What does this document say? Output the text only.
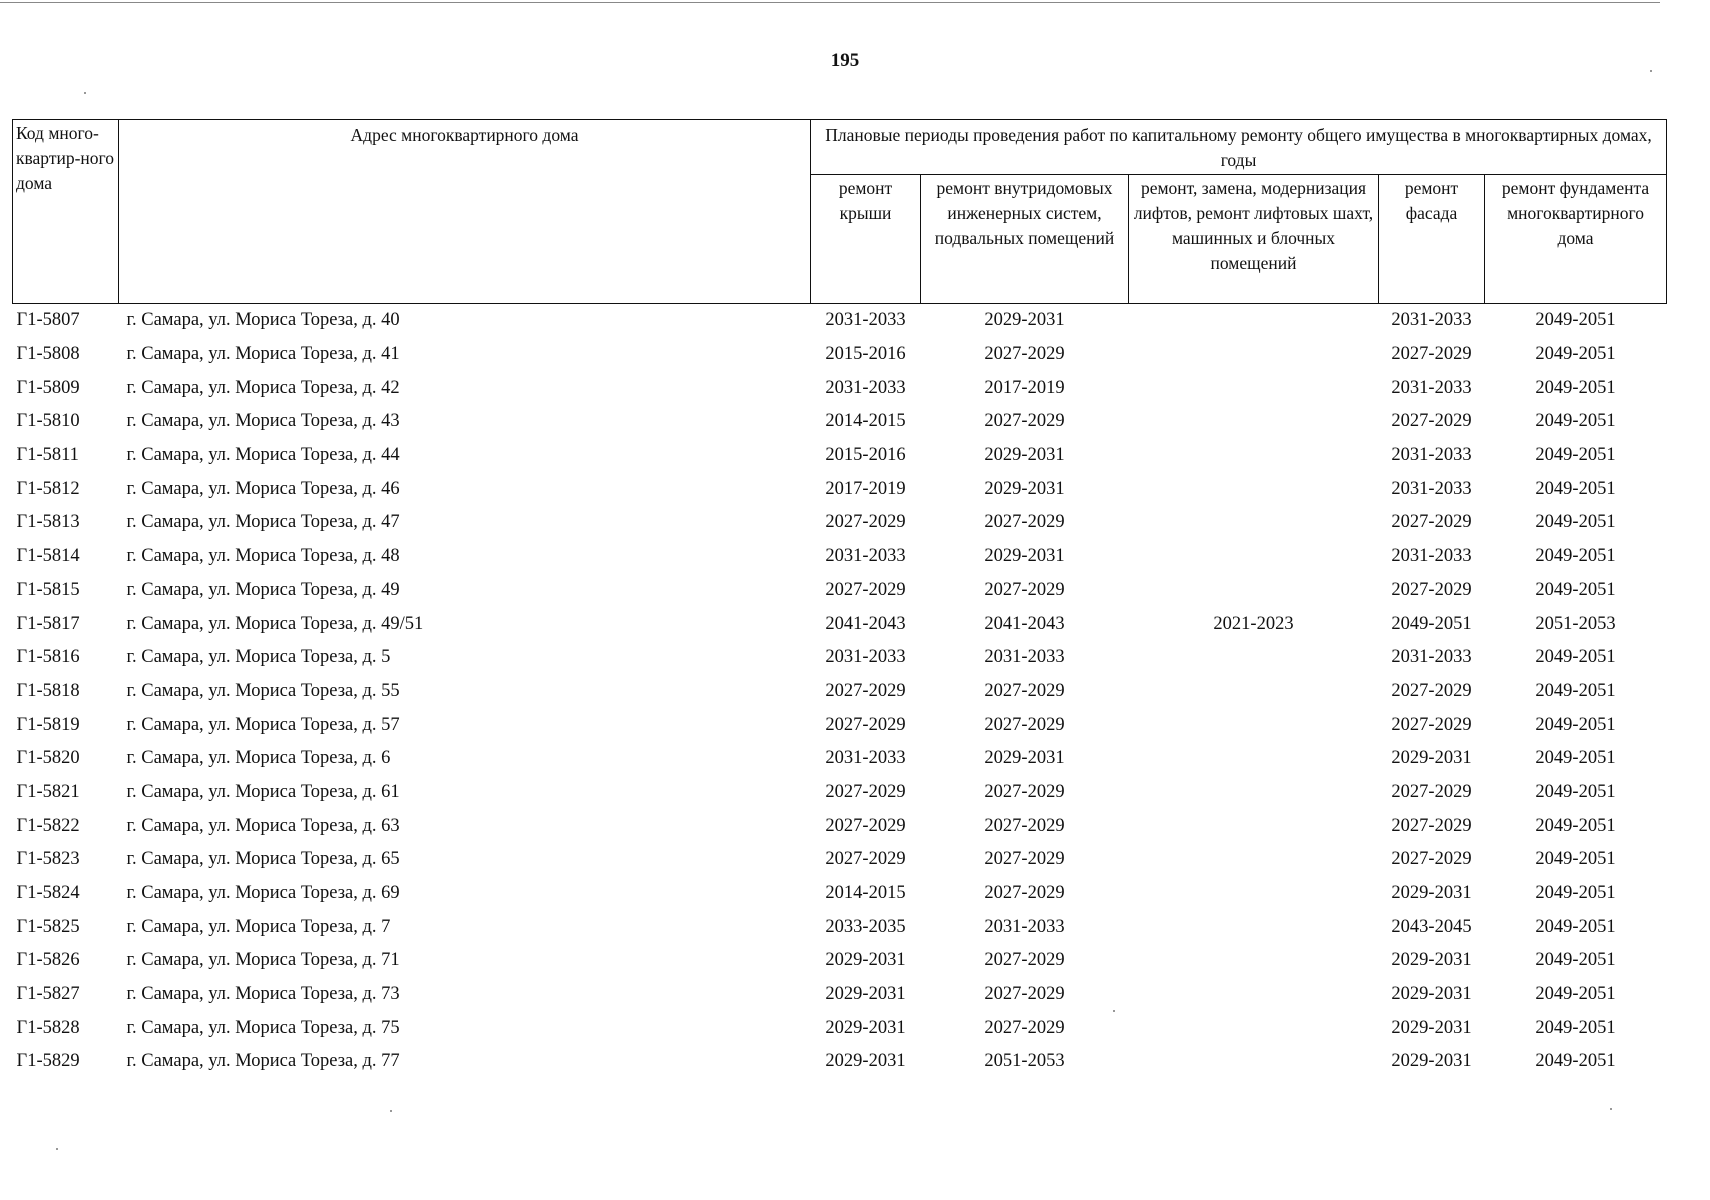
195
Код много-квартир-ного дома	Адрес многоквартирного дома	Плановые периоды проведения работ по капитальному ремонту общего имущества в многоквартирных домах, годы				
		ремонт крыши	ремонт внутридомовых инженерных систем, подвальных помещений	ремонт, замена, модернизация лифтов, ремонт лифтовых шахт, машинных и блочных помещений	ремонт фасада	ремонт фундамента многоквартирного дома
Г1-5807	г. Самара, ул. Мориса Тореза, д. 40	2031-2033	2029-2031		2031-2033	2049-2051
Г1-5808	г. Самара, ул. Мориса Тореза, д. 41	2015-2016	2027-2029		2027-2029	2049-2051
Г1-5809	г. Самара, ул. Мориса Тореза, д. 42	2031-2033	2017-2019		2031-2033	2049-2051
Г1-5810	г. Самара, ул. Мориса Тореза, д. 43	2014-2015	2027-2029		2027-2029	2049-2051
Г1-5811	г. Самара, ул. Мориса Тореза, д. 44	2015-2016	2029-2031		2031-2033	2049-2051
Г1-5812	г. Самара, ул. Мориса Тореза, д. 46	2017-2019	2029-2031		2031-2033	2049-2051
Г1-5813	г. Самара, ул. Мориса Тореза, д. 47	2027-2029	2027-2029		2027-2029	2049-2051
Г1-5814	г. Самара, ул. Мориса Тореза, д. 48	2031-2033	2029-2031		2031-2033	2049-2051
Г1-5815	г. Самара, ул. Мориса Тореза, д. 49	2027-2029	2027-2029		2027-2029	2049-2051
Г1-5817	г. Самара, ул. Мориса Тореза, д. 49/51	2041-2043	2041-2043	2021-2023	2049-2051	2051-2053
Г1-5816	г. Самара, ул. Мориса Тореза, д. 5	2031-2033	2031-2033		2031-2033	2049-2051
Г1-5818	г. Самара, ул. Мориса Тореза, д. 55	2027-2029	2027-2029		2027-2029	2049-2051
Г1-5819	г. Самара, ул. Мориса Тореза, д. 57	2027-2029	2027-2029		2027-2029	2049-2051
Г1-5820	г. Самара, ул. Мориса Тореза, д. 6	2031-2033	2029-2031		2029-2031	2049-2051
Г1-5821	г. Самара, ул. Мориса Тореза, д. 61	2027-2029	2027-2029		2027-2029	2049-2051
Г1-5822	г. Самара, ул. Мориса Тореза, д. 63	2027-2029	2027-2029		2027-2029	2049-2051
Г1-5823	г. Самара, ул. Мориса Тореза, д. 65	2027-2029	2027-2029		2027-2029	2049-2051
Г1-5824	г. Самара, ул. Мориса Тореза, д. 69	2014-2015	2027-2029		2029-2031	2049-2051
Г1-5825	г. Самара, ул. Мориса Тореза, д. 7	2033-2035	2031-2033		2043-2045	2049-2051
Г1-5826	г. Самара, ул. Мориса Тореза, д. 71	2029-2031	2027-2029		2029-2031	2049-2051
Г1-5827	г. Самара, ул. Мориса Тореза, д. 73	2029-2031	2027-2029		2029-2031	2049-2051
Г1-5828	г. Самара, ул. Мориса Тореза, д. 75	2029-2031	2027-2029		2029-2031	2049-2051
Г1-5829	г. Самара, ул. Мориса Тореза, д. 77	2029-2031	2051-2053		2029-2031	2049-2051
